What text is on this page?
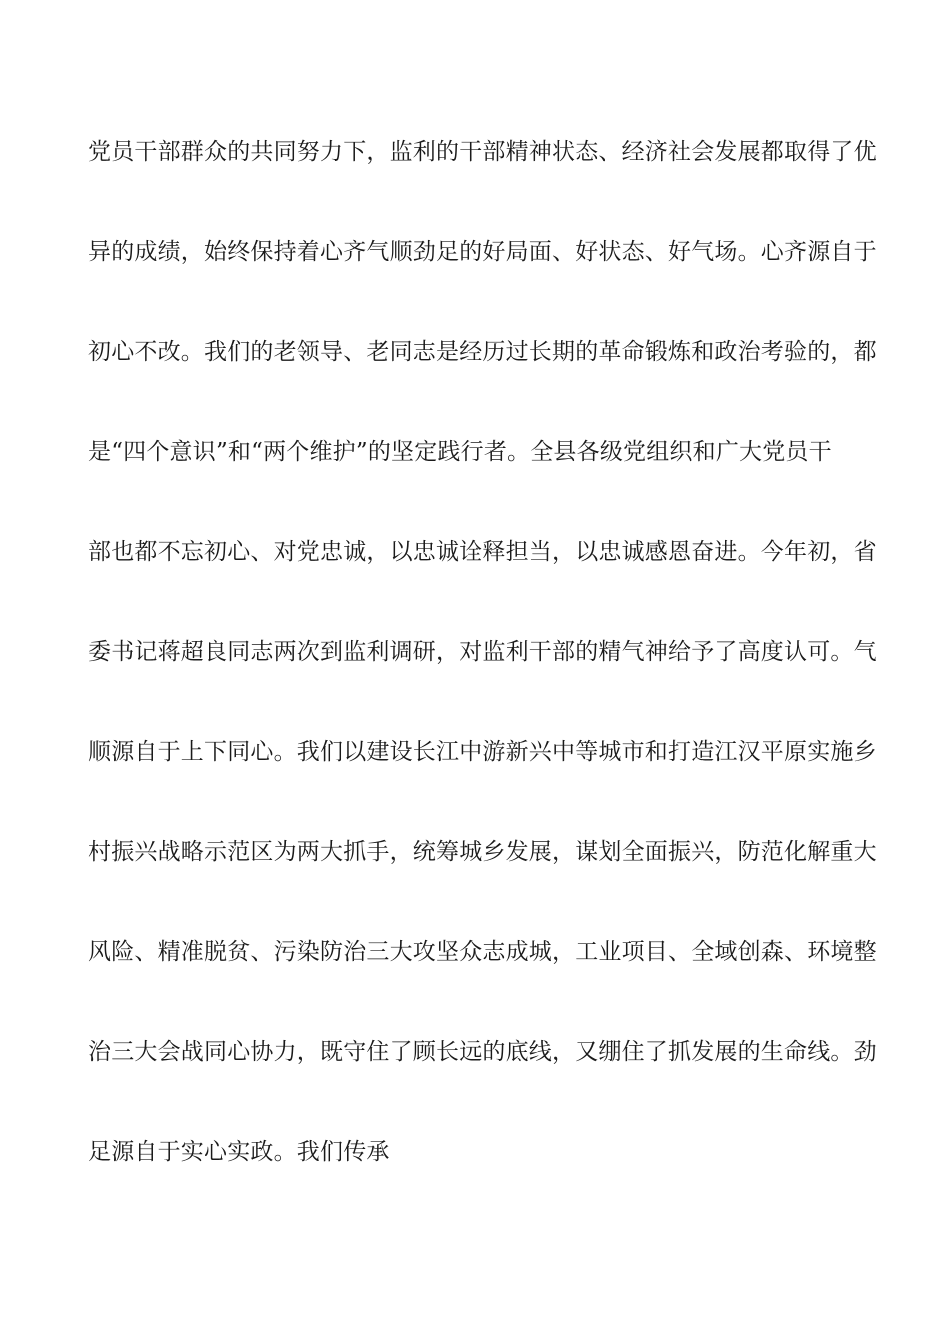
党员干部群众的共同努力下，监利的干部精神状态、经济社会发展都取得了优
异的成绩，始终保持着心齐气顺劲足的好局面、好状态、好气场。心齐源自于
初心不改。我们的老领导、老同志是经历过长期的革命锻炼和政治考验的，都
是“四个意识”和“两个维护”的坚定践行者。全县各级党组织和广大党员干
部也都不忘初心、对党忠诚，以忠诚诠释担当，以忠诚感恩奋进。今年初，省
委书记蒋超良同志两次到监利调研，对监利干部的精气神给予了高度认可。气
顺源自于上下同心。我们以建设长江中游新兴中等城市和打造江汉平原实施乡
村振兴战略示范区为两大抓手，统筹城乡发展，谋划全面振兴，防范化解重大
风险、精准脱贫、污染防治三大攻坚众志成城，工业项目、全域创森、环境整
治三大会战同心协力，既守住了顾长远的底线，又绷住了抓发展的生命线。劲
足源自于实心实政。我们传承
